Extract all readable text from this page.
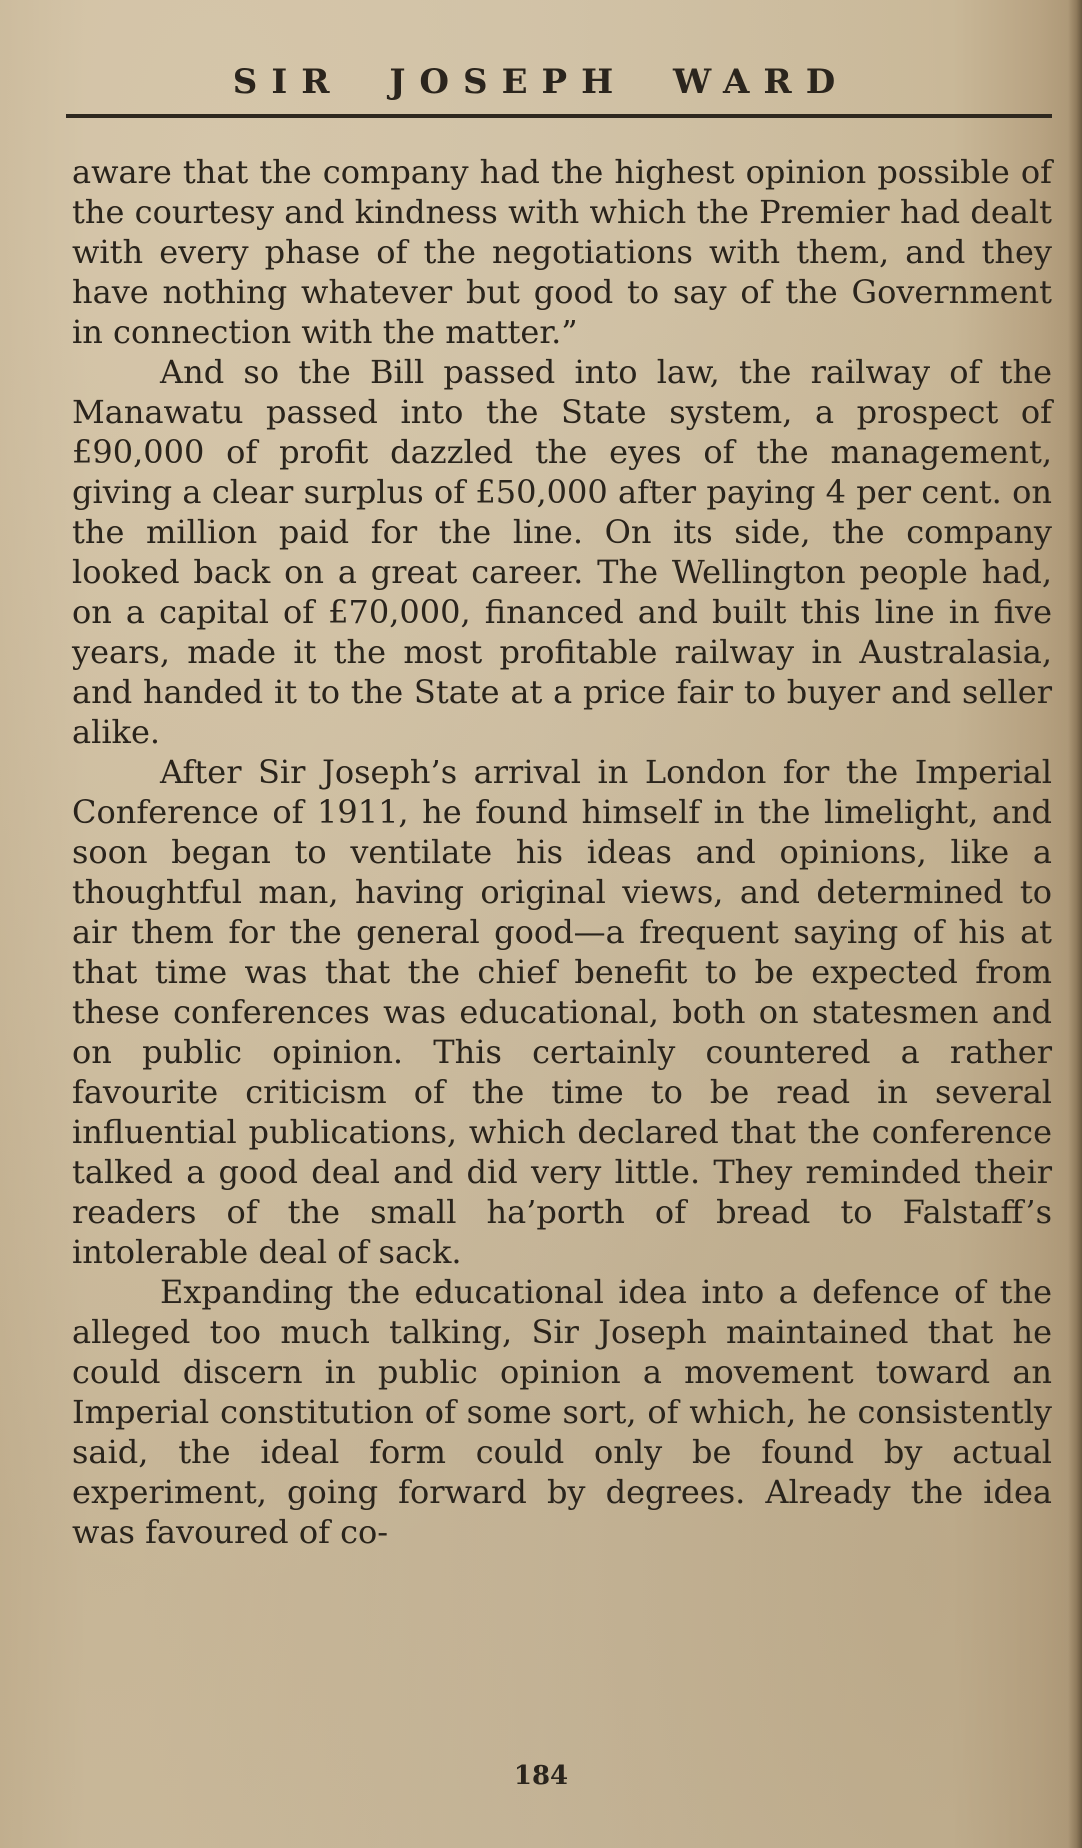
SIR JOSEPH WARD

aware that the company had the highest opinion possible of the courtesy and kindness with which the Premier had dealt with every phase of the negotiations with them, and they have nothing whatever but good to say of the Government in connection with the matter.”

And so the Bill passed into law, the railway of the Manawatu passed into the State system, a prospect of £90,000 of profit dazzled the eyes of the management, giving a clear surplus of £50,000 after paying 4 per cent. on the million paid for the line. On its side, the company looked back on a great career. The Wellington people had, on a capital of £70,000, financed and built this line in five years, made it the most profitable railway in Australasia, and handed it to the State at a price fair to buyer and seller alike.

After Sir Joseph’s arrival in London for the Imperial Conference of 1911, he found himself in the limelight, and soon began to ventilate his ideas and opinions, like a thoughtful man, having original views, and determined to air them for the general good—a frequent saying of his at that time was that the chief benefit to be expected from these conferences was educational, both on statesmen and on public opinion. This certainly countered a rather favourite criticism of the time to be read in several influential publications, which declared that the conference talked a good deal and did very little. They reminded their readers of the small ha’porth of bread to Falstaff’s intolerable deal of sack.

Expanding the educational idea into a defence of the alleged too much talking, Sir Joseph maintained that he could discern in public opinion a movement toward an Imperial constitution of some sort, of which, he consistently said, the ideal form could only be found by actual experiment, going forward by degrees. Already the idea was favoured of co-

184
